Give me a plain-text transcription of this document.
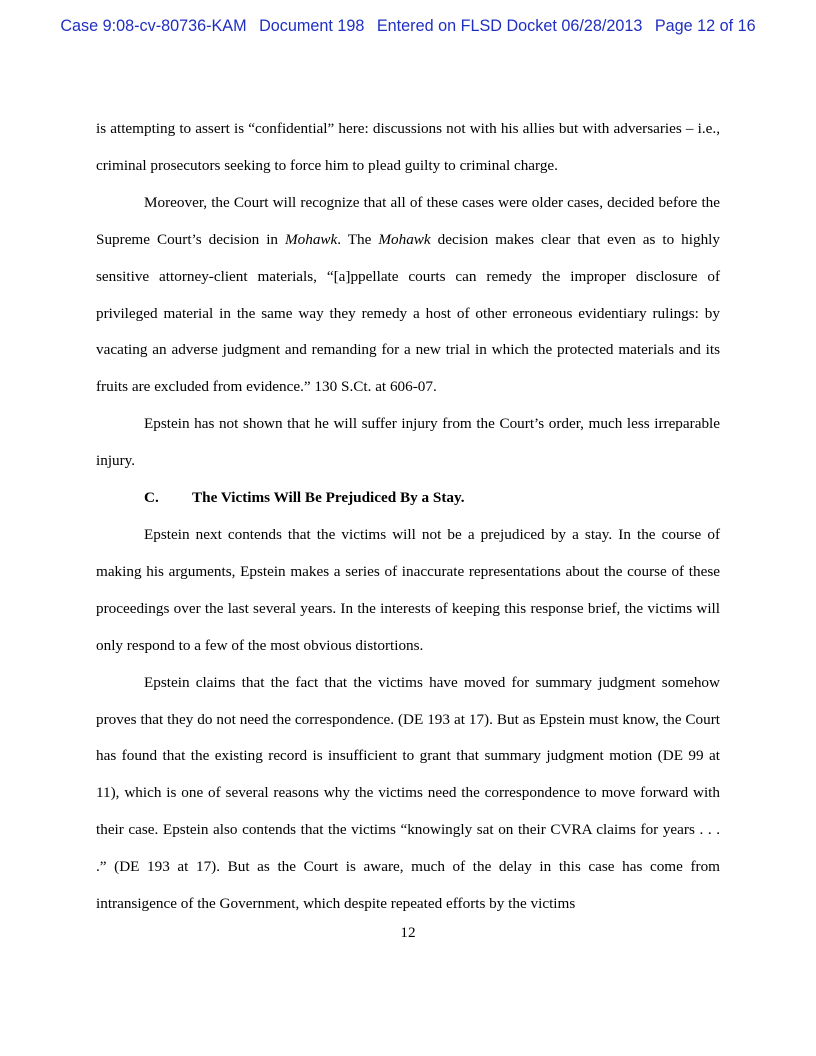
Case 9:08-cv-80736-KAM Document 198 Entered on FLSD Docket 06/28/2013 Page 12 of 16

is attempting to assert is “confidential” here: discussions not with his allies but with adversaries – i.e., criminal prosecutors seeking to force him to plead guilty to criminal charge.

Moreover, the Court will recognize that all of these cases were older cases, decided before the Supreme Court’s decision in Mohawk. The Mohawk decision makes clear that even as to highly sensitive attorney-client materials, “[a]ppellate courts can remedy the improper disclosure of privileged material in the same way they remedy a host of other erroneous evidentiary rulings: by vacating an adverse judgment and remanding for a new trial in which the protected materials and its fruits are excluded from evidence.” 130 S.Ct. at 606-07.

Epstein has not shown that he will suffer injury from the Court’s order, much less irreparable injury.

C. The Victims Will Be Prejudiced By a Stay.

Epstein next contends that the victims will not be a prejudiced by a stay. In the course of making his arguments, Epstein makes a series of inaccurate representations about the course of these proceedings over the last several years. In the interests of keeping this response brief, the victims will only respond to a few of the most obvious distortions.

Epstein claims that the fact that the victims have moved for summary judgment somehow proves that they do not need the correspondence. (DE 193 at 17). But as Epstein must know, the Court has found that the existing record is insufficient to grant that summary judgment motion (DE 99 at 11), which is one of several reasons why the victims need the correspondence to move forward with their case. Epstein also contends that the victims “knowingly sat on their CVRA claims for years . . . .” (DE 193 at 17). But as the Court is aware, much of the delay in this case has come from intransigence of the Government, which despite repeated efforts by the victims

12
